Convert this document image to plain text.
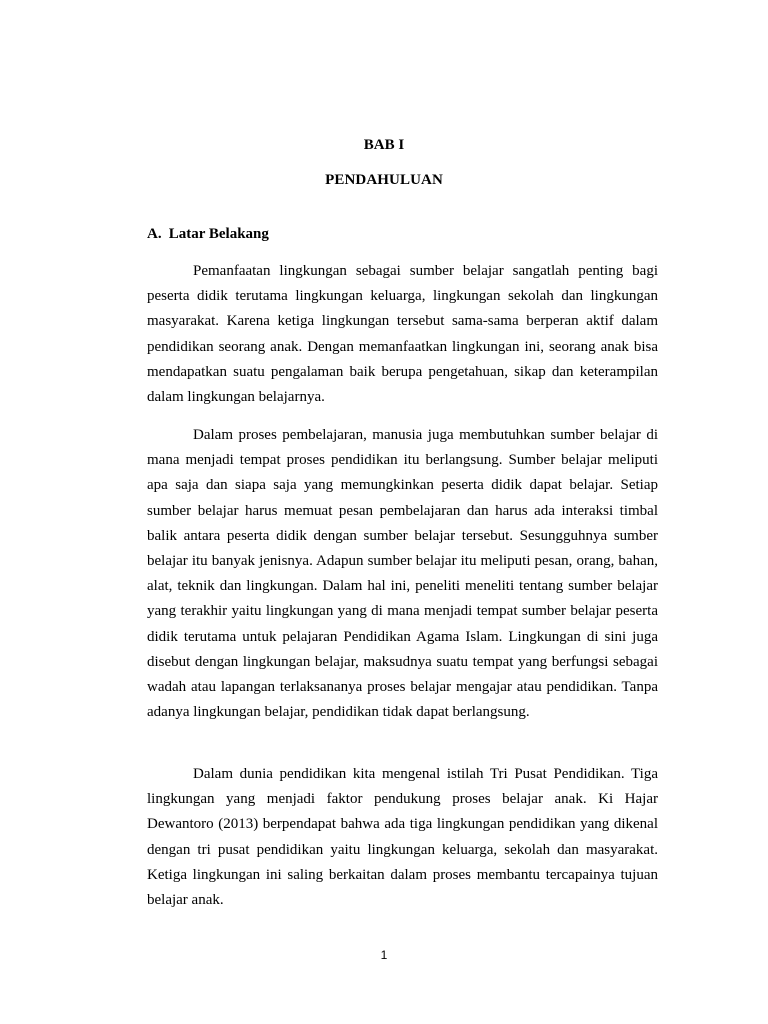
BAB I
PENDAHULUAN
A. Latar Belakang

Pemanfaatan lingkungan sebagai sumber belajar sangatlah penting bagi peserta didik terutama lingkungan keluarga, lingkungan sekolah dan lingkungan masyarakat. Karena ketiga lingkungan tersebut sama-sama berperan aktif dalam pendidikan seorang anak. Dengan memanfaatkan lingkungan ini, seorang anak bisa mendapatkan suatu pengalaman baik berupa pengetahuan, sikap dan keterampilan dalam lingkungan belajarnya.

Dalam proses pembelajaran, manusia juga membutuhkan sumber belajar di mana menjadi tempat proses pendidikan itu berlangsung. Sumber belajar meliputi apa saja dan siapa saja yang memungkinkan peserta didik dapat belajar. Setiap sumber belajar harus memuat pesan pembelajaran dan harus ada interaksi timbal balik antara peserta didik dengan sumber belajar tersebut. Sesungguhnya sumber belajar itu banyak jenisnya. Adapun sumber belajar itu meliputi pesan, orang, bahan, alat, teknik dan lingkungan. Dalam hal ini, peneliti meneliti tentang sumber belajar yang terakhir yaitu lingkungan yang di mana menjadi tempat sumber belajar peserta didik terutama untuk pelajaran Pendidikan Agama Islam. Lingkungan di sini juga disebut dengan lingkungan belajar, maksudnya suatu tempat yang berfungsi sebagai wadah atau lapangan terlaksananya proses belajar mengajar atau pendidikan. Tanpa adanya lingkungan belajar, pendidikan tidak dapat berlangsung.

Dalam dunia pendidikan kita mengenal istilah Tri Pusat Pendidikan. Tiga lingkungan yang menjadi faktor pendukung proses belajar anak. Ki Hajar Dewantoro (2013) berpendapat bahwa ada tiga lingkungan pendidikan yang dikenal dengan tri pusat pendidikan yaitu lingkungan keluarga, sekolah dan masyarakat. Ketiga lingkungan ini saling berkaitan dalam proses membantu tercapainya tujuan belajar anak.

1
